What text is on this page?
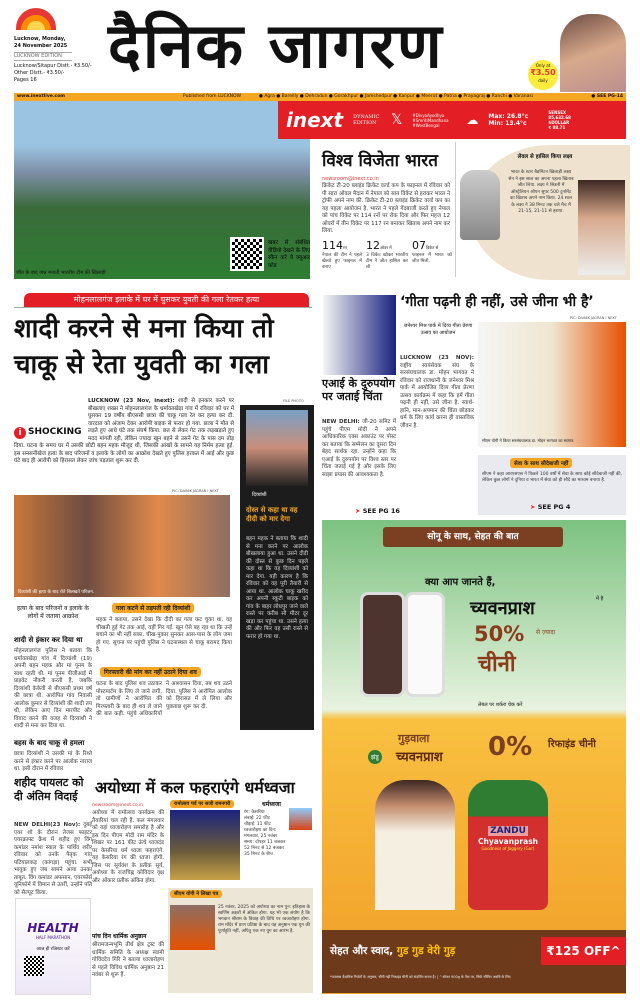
Lucknow, Monday,
24 November 2025
LUCKNOW EDITION
Lucknow/Sitapur Distt.- ₹3.50/-
Other Distt.- ₹3.50/-
Pages 16	दैनिक जागरण	Only at
₹3.50
daily
www.inextlive.com	Published from LUCKNOW	● Agra ● Bareilly ● Dehradun ● Gorakhpur ● Jamshedpur ● Kanpur ● Meerut ● Patna ● Prayagraj ● Ranchi ● Varanasi	● SEE PG-14
जीत के बाद जश्न मनाती भारतीय टीम की खिलाड़ी
खबर से संबंधित वीडियो देखने के लिए स्कैन करें ये क्यूआर कोड
inext DYNAMIC EDITION	𝕏	#DivyaAyodhya #SmritiMandhana #WestBengal	☁ Max: 26.8°c
Min: 13.4°c
SENSEX
85,632.68
$DOLLAR
₹ 88.71
विश्व विजेता भारत
newsroom@inext.co.in
क्रिकेट टी-20 ब्लाइंड क्रिकेट वर्ल्ड कप के फाइनल में रविवार को पी सारा ओवल मैदान में नेपाल को सात विकेट से हराकर भारत ने ट्रॉफी अपने नाम की. क्रिकेट टी-20 ब्लाइंड क्रिकेट वर्ल्ड कप का यह पहला आयोजन है. भारत ने पहले गेंदबाजी करते हुए नेपाल को पांच विकेट पर 114 रनों पर रोक दिया और फिर महज 12 ओवरों में तीन विकेट पर 117 रन बनाकर खिताब अपने नाम कर लिया.
114रन
नेपाल की टीम ने पहले खेलते हुए फाइनल में बनाए
12ओवर में
3 विकेट खोकर भारतीय टीम ने जीत हासिल कर ली
07विकेट से
फाइनल में भारत को जीत मिली.
लेवल से हासिल किया लक्ष्य
भारत के स्टार बैडमिंटन खिलाड़ी लक्ष्य सेन ने इस साल का अपना पहला खिताब जीत लिया. लक्ष्य ने सिडनी में ऑस्ट्रेलियन ओपन सुपर 500 टूर्नामेंट का खिताब अपने नाम किया. 24 साल के लक्ष्य ने 38 मिनट तक चले मैच में 21-15, 21-11 से हराया.
मोहनलालगंज इलाके में घर में घुसकर युवती की गला रेतकर हत्या
शादी करने से मना किया तो चाकू से रेता युवती का गला
i SHOCKING
LUCKNOW (23 Nov, inext): शादी से इनकार करने पर बौखलाए शख्स ने मोहनलालगंज के धर्मावतखेड़ा गांव में रविवार को घर में घुसकर 19 वर्षीय बीएससी छात्रा की चाकू गला रेत कर हत्या कर दी. वारदात को अंजाम देकर आरोपी बाइक से फरार हो गया. छात्रा ने मौत से लड़ते हुए आधे घंटे तक संघर्ष किया. छत से लेकर गेट तक लड़खड़ाते हुए मदद मांगती रही, लेकिन ज्यादा खून बहने से उसने गेट के पास दम तोड़ दिया. घटना के समय घर में उसकी छोटी बहन महक मौजूद थी, जिसकी आंखों के सामने यह निर्मम हत्या हुई. इस सनसनीखेज हत्या के बाद परिजनों व इलाके के लोगों का आक्रोश देखते हुए पुलिस हरकत में आई और कुछ घंटे बाद ही आरोपी को हिरासत लेकर जांच पड़ताल शुरू कर दी.
FILE PHOTO
दिव्यांशी
दोस्त से कहा था वह दीदी को मार देगा
बहन महक ने बताया कि शादी से मना करने पर आलोक बौखलाया हुआ था. उसने दीदी की दोस्त से कुछ दिन पहले कहा था कि वह दिव्यांशी को मार देगा. यही कारण है कि रविवार को वह पूरी तैयारी से आया था. आलोक चाकू खरीद कर अपनी स्कूटी बाइक को गांव के बाहर लोधपुर जाने वाले रास्ते पर करीब सौ मीटर दूर खड़ा कर पहुंचा था. उसने हत्या की और फिर वह उसी रास्ते से फरार हो गया था.
PIC: DAINIK JAGRAN I NEXT
दिव्यांशी की हत्या के बाद रोते बिलखते परिजन.
हत्या के बाद परिजनों व इलाके के लोगों में जताया आक्रोश
शादी से इंकार कर दिया था
मोहनलालगंज पुलिस ने बताया कि धर्मावतखेड़ा गांव में दिव्यांशी (19) अपनी बहन महक और मां पूनम के साथ रहती थी. मां पूनम पीजीआई में प्राइवेट नौकरी करती हैं, जबकि दिव्यांशी केकेवी से बीएससी प्रथम वर्ष की छात्रा थी. आरोपित गांव निवासी आलोक कुमार से दिव्यांशी की शादी तय थी, लेकिन आए दिन मारपीट और विवाद करने की वजह से दिव्यांशी ने शादी से मना कर दिया था.
बहस के बाद चाकू से हमला
छात्रा दिव्यांशी ने उसकी मां के रिश्ते करने से इंकार करने पर आलोक नाराज था. इसी दौरान में रविवार
गला कटने से तड़पती रही दिव्यांशी
महक ने बताया, उसने देखा कि दीदी का गला कट चुका था. वह चीखती हुई गेट तक आई, वहीं गिर गईं. खून ऐसे बह रहा था कि उन्हें बचाने का भी नहीं सका. चीख-पुकार सुनकर आस-पास के लोग जमा हो गए. सूचना पर पहुंची पुलिस ने घटनास्थल से चाकू बरामद किया है.
गिरफ्तारी की मांग कर नहीं उठाने दिया शव
घटना के बाद पुलिस शव उठाकर पोस्टमार्टम के लिए ले जाने लगी, तो ग्रामीणों ने आरोपित की गिरफ्तारी के बाद ही शव ले जाने की बात कही. पहुंचे अधिकारियों ने आश्वासन दिया, तब शव उठने दिया. पुलिस ने आरोपित आलोक को हिरासत में ले लिया और पूछताछ शुरू कर दी.
शहीद पायलट को दी अंतिम विदाई
NEW DELHI(23 Nov): दुबई एयर शो के दौरान तेजस फाइटर एयरक्राफ्ट क्रैश में शहीद हुए विंग कमांडर नमांश स्याल के पार्थिव शरीर रविवार को उनके पैतृक गांव पटियालकड़ (कांगड़ा) पहुंचा. सभी भावुक हुए जब सामने आया उनका ताबूत. विंग कमांडर अफसान, एयरफोर्स यूनिफॉर्म में विमान से उतरीं, उन्होंने पति को सैल्यूट किया.
HEALTH
HALF MARATHON
आज ही रजिस्टर करें
अयोध्या में कल फहराएंगे धर्मध्वजा
newsroom@inext.co.in
अयोध्या में रामोत्सव कार्यक्रम की तैयारियां चल रही हैं. कल मंगलवार को यहां ध्वजारोहण समारोह है और इस दिन पीएम मोदी राम मंदिर के शिखर पर 161 फीट ऊंचे ध्वजदंड पर केसरिया धर्म ध्वजा फहराएंगे. यह केसरिया रंग की ध्वजा होगी. जिस पर सूर्यवंश के प्रतीक सूर्य, अयोध्या के राजचिह्न कोविदार वृक्ष और ओंकार प्रतीक अंकित होगा.
पांच दिन धार्मिक अनुष्ठान
श्रीरामजन्मभूमि तीर्थ क्षेत्र ट्रस्ट की धार्मिक समिति के अध्यक्ष स्वामी गोविंददेव गिरि ने बताया ध्वजारोहण से पहले विविध धार्मिक अनुष्ठान 21 नवंबर से शुरू हैं.
रामोत्सव पर्व पर सजी रामनगरी	धर्मध्वजा
रंग: केसरिया
लंबाई: 22 फीट
चौड़ाई: 11 फीट
ध्वजारोहण का दिन: मंगलवार, 25 नवंबर
समय: दोपहर 11 बजकर 52 मिनट से 12 बजकर 35 मिनट के बीच
सीएम योगी ने लिखा पत्र
25 नवंबर, 2025 को अयोध्या का नाम पुन: इतिहास के स्वर्णिम अक्षरों में अंकित होगा. यह भी एक संयोग है कि भगवान श्रीराम के विवाह की तिथि पर ध्वजारोहण होगा. राम मंदिर में प्राण प्रतिष्ठा के बाद यह अनुष्ठान एक युग की पूर्णाहुति नहीं, अपितु एक नए युग का आरंभ है.
एआई के दुरुपयोग पर जताई चिंता
NEW DELHI: जी-20 समिट में पहुंचे पीएम मोदी ने अपने आधिकारिक एक्स अकाउंट पर पोस्ट कर बताया कि सम्मेलन का दूसरा दिन बेहद सार्थक रहा. उन्होंने कहा कि एआई के दुरुपयोग पर विश्व स्तर पर चिंता जताई गई है और इसके लिए साझा प्रयास की आवश्यकता है.
➤ SEE PG 16
‘गीता पढ़नी ही नहीं, उसे जीना भी है’
जनेश्वर मिश्र पार्क में दिव्य गीता प्रेरणा उत्सव का आयोजन
LUCKNOW (23 NOV): राष्ट्रीय स्वयंसेवक संघ के सरसंघचालक डा. मोहन भागवत ने रविवार को राजधानी के जनेश्वर मिश्र पार्क में आयोजित दिव्य गीता प्रेरणा उत्सव कार्यक्रम में कहा कि हमें गीता पढ़नी ही नहीं, उसे जीना है. स्वार्थ-हानि, मान-अपमान की चिंता छोड़कर धर्म के लिए कार्य करना ही वास्तविक जीवन है.
PIC: DAINIK JAGRAN I NEXT
सीएम योगी ने किया सरसंघचालक डा. मोहन भागवत का स्वागत.
सेवा के साथ सौदेबाजी नहीं
सीएम ने कहा आरएसएस ने पिछले 100 वर्षों में सेवा के साथ कोई सौदेबाजी नहीं की, लेकिन कुछ लोगों ने दुनिया व भारत में सेवा को ही सौदे का माध्यम बनाया है.
➤ SEE PG 4
सोनू के साथ, सेहत की बात
क्या आप जानते हैं,
च्यवनप्राश	में है
50% से ज़्यादा
चीनी
लेबल पर शर्करा चेक करें
गुड़वाला
झंडू च्यवनप्राश 0% रिफाइंड चीनी
ZANDU
Chyavanprash
Goodness of Jaggery (Gur)
सेहत और स्वाद, गुड गुड वेरी गुड़	₹125 OFF^
*उपलब्ध वैज्ञानिक रिपोर्टों के अनुसार, चीनी नहीं रिफाइंड चीनी को संदर्भित करता है। | ^ऑफर 900g के पैक पर, सिर्फ सीमित अवधि के लिए
